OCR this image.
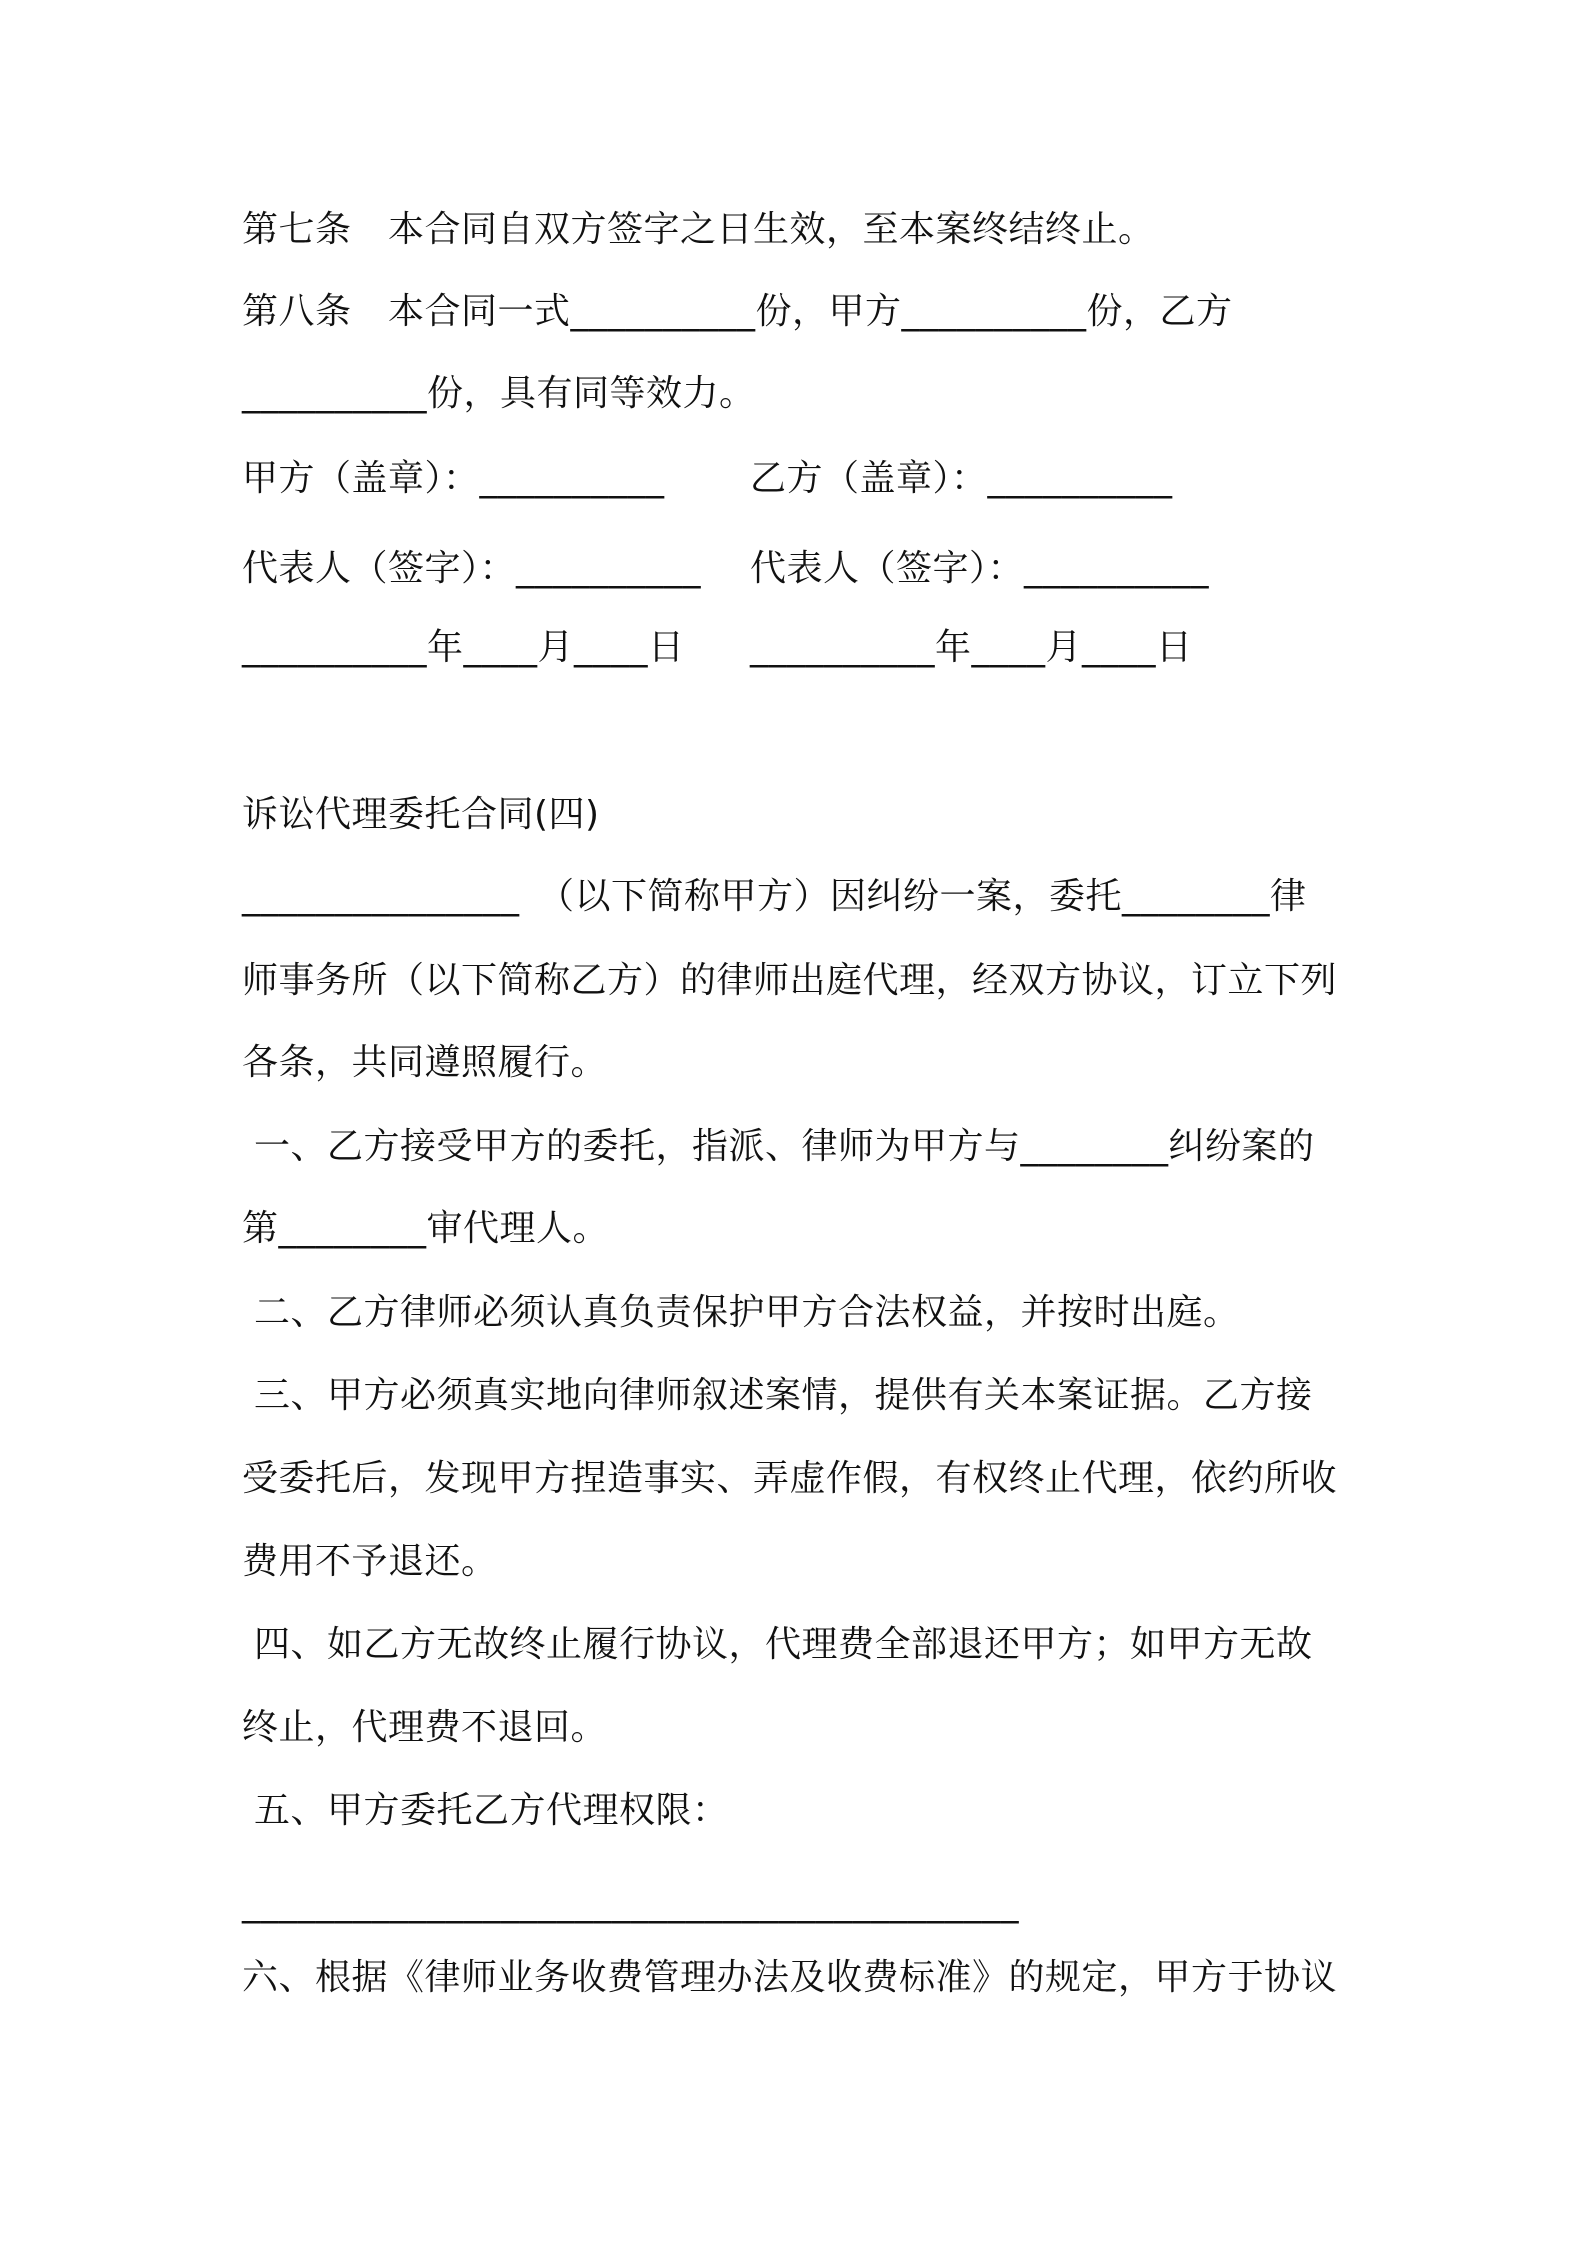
第七条　本合同自双方签字之日生效，至本案终结终止。
第八条　本合同一式__________份，甲方__________份，乙方
__________份，具有同等效力。
甲方（盖章）：__________	乙方（盖章）：__________
代表人（签字）：__________	代表人（签字）：__________
__________年____月____日	__________年____月____日
诉讼代理委托合同(四)
_______________　（以下简称甲方）因纠纷一案，委托________律
师事务所（以下简称乙方）的律师出庭代理，经双方协议，订立下列
各条，共同遵照履行。
一、乙方接受甲方的委托，指派、律师为甲方与________纠纷案的
第________审代理人。
二、乙方律师必须认真负责保护甲方合法权益，并按时出庭。
三、甲方必须真实地向律师叙述案情，提供有关本案证据。乙方接
受委托后，发现甲方捏造事实、弄虚作假，有权终止代理，依约所收
费用不予退还。
四、如乙方无故终止履行协议，代理费全部退还甲方；如甲方无故
终止，代理费不退回。
五、甲方委托乙方代理权限：
__________________________________________
六、根据《律师业务收费管理办法及收费标准》的规定，甲方于协议
